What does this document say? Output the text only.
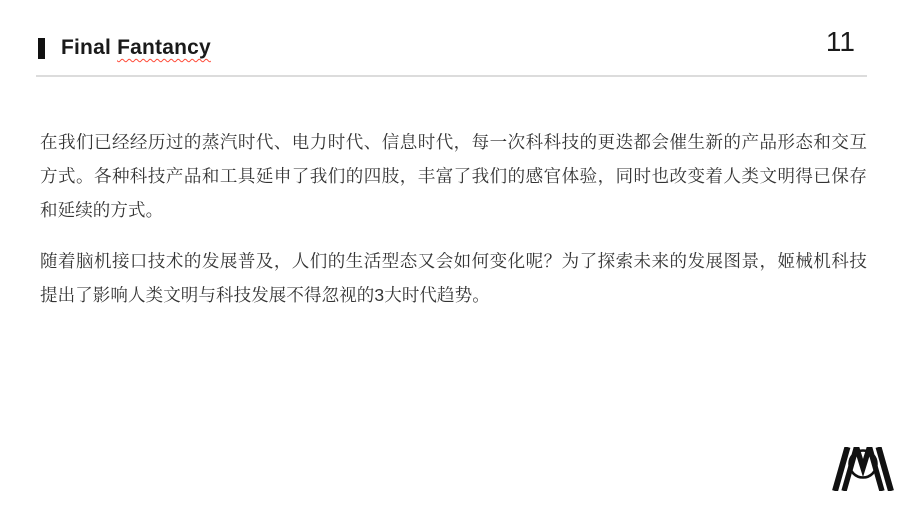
Final Fantancy	11

在我们已经经历过的蒸汽时代、电力时代、信息时代，每一次科科技的更迭都会催生新的产品形态和交互方式。各种科技产品和工具延申了我们的四肢，丰富了我们的感官体验，同时也改变着人类文明得已保存和延续的方式。

随着脑机接口技术的发展普及，人们的生活型态又会如何变化呢？为了探索未来的发展图景，姬械机科技提出了影响人类文明与科技发展不得忽视的3大时代趋势。
